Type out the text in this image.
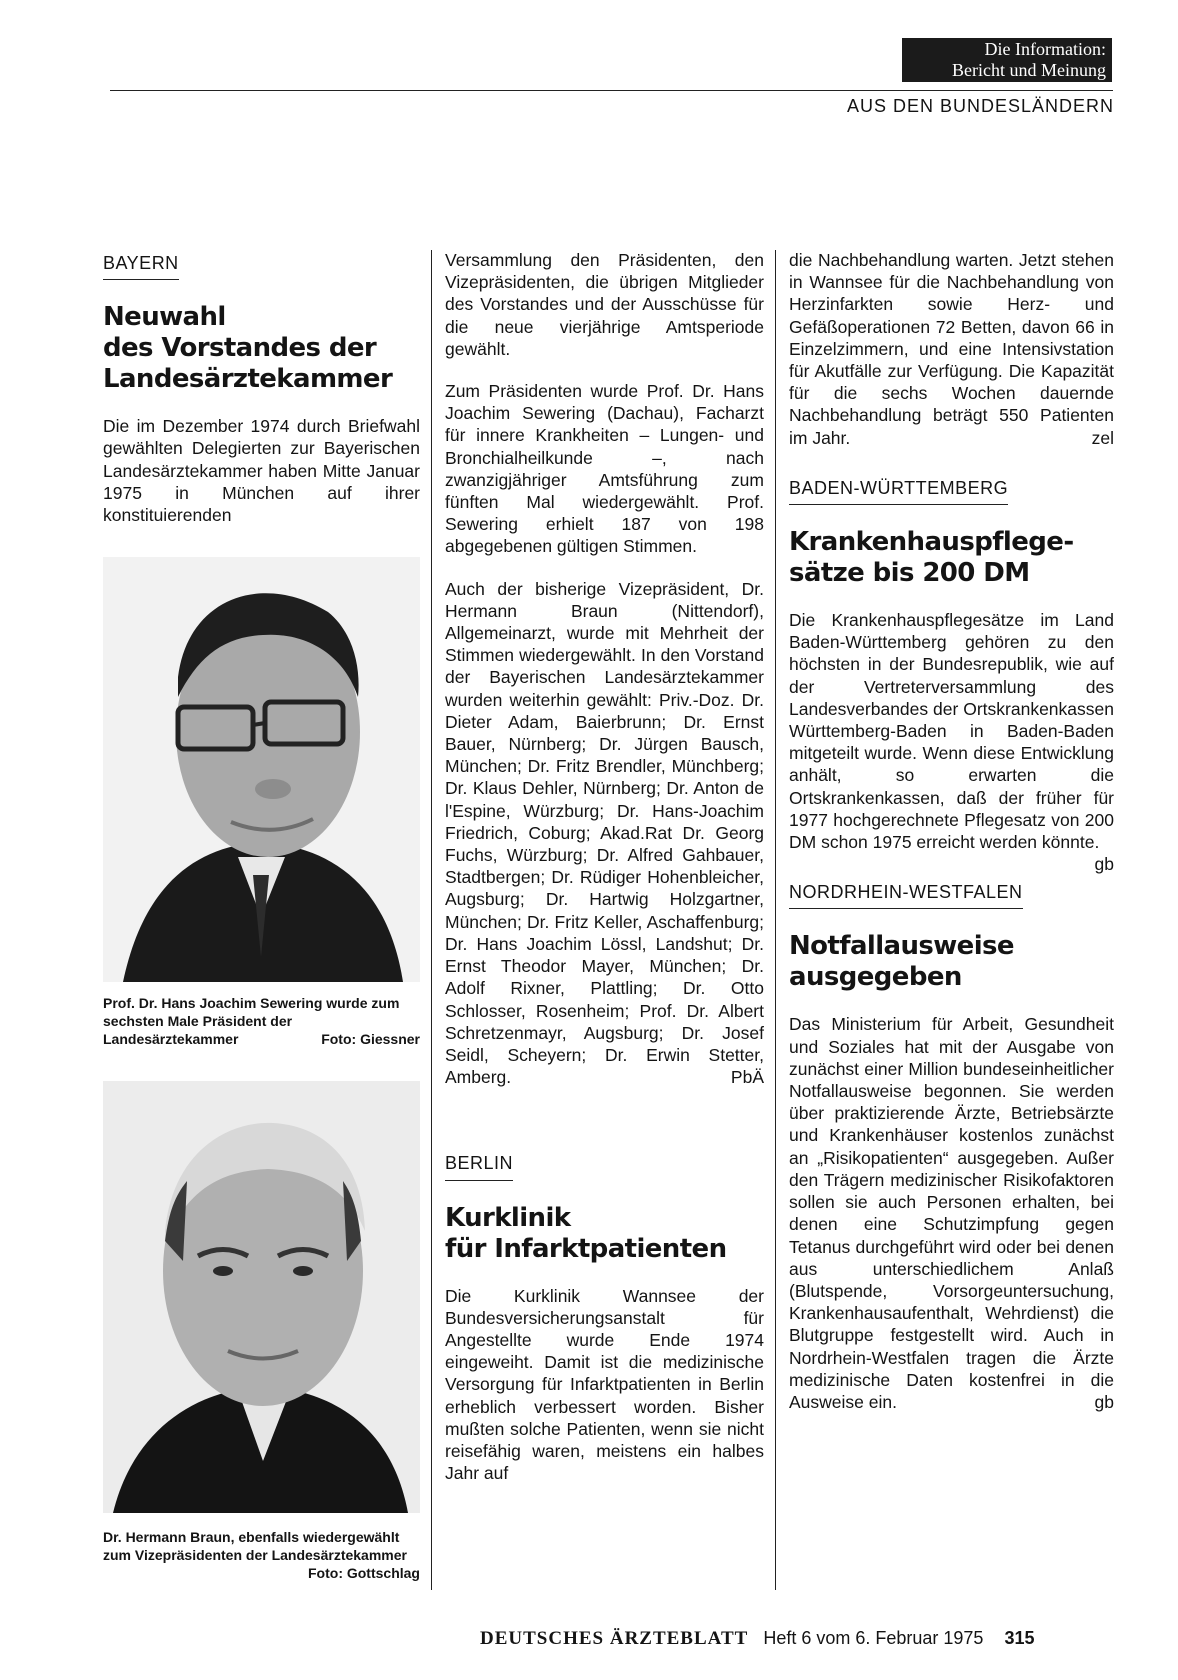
Die Information:
Bericht und Meinung
AUS DEN BUNDESLÄNDERN
BAYERN
Neuwahl
des Vorstandes der
Landesärztekammer

Die im Dezember 1974 durch Briefwahl gewählten Delegierten zur Bayerischen Landesärztekammer haben Mitte Januar 1975 in München auf ihrer konstituierenden

Prof. Dr. Hans Joachim Sewering wurde zum sechsten Male Präsident der Landesärztekammer	Foto: Giessner
Dr. Hermann Braun, ebenfalls wiedergewählt zum Vizepräsidenten der Landesärztekammer
Foto: Gottschlag

Versammlung den Präsidenten, den Vizepräsidenten, die übrigen Mitglieder des Vorstandes und der Ausschüsse für die neue vierjährige Amtsperiode gewählt.

Zum Präsidenten wurde Prof. Dr. Hans Joachim Sewering (Dachau), Facharzt für innere Krankheiten – Lungen- und Bronchialheilkunde –, nach zwanzigjähriger Amtsführung zum fünften Mal wiedergewählt. Prof. Sewering erhielt 187 von 198 abgegebenen gültigen Stimmen.

Auch der bisherige Vizepräsident, Dr. Hermann Braun (Nittendorf), Allgemeinarzt, wurde mit Mehrheit der Stimmen wiedergewählt. In den Vorstand der Bayerischen Landesärztekammer wurden weiterhin gewählt: Priv.-Doz. Dr. Dieter Adam, Baierbrunn; Dr. Ernst Bauer, Nürnberg; Dr. Jürgen Bausch, München; Dr. Fritz Brendler, Münchberg; Dr. Klaus Dehler, Nürnberg; Dr. Anton de l'Espine, Würzburg; Dr. Hans-Joachim Friedrich, Coburg; Akad.Rat Dr. Georg Fuchs, Würzburg; Dr. Alfred Gahbauer, Stadtbergen; Dr. Rüdiger Hohenbleicher, Augsburg; Dr. Hartwig Holzgartner, München; Dr. Fritz Keller, Aschaffenburg; Dr. Hans Joachim Lössl, Landshut; Dr. Ernst Theodor Mayer, München; Dr. Adolf Rixner, Plattling; Dr. Otto Schlosser, Rosenheim; Prof. Dr. Albert Schretzenmayr, Augsburg; Dr. Josef Seidl, Scheyern; Dr. Erwin Stetter, Amberg.	PbÄ

BERLIN
Kurklinik
für Infarktpatienten

Die Kurklinik Wannsee der Bundesversicherungsanstalt für Angestellte wurde Ende 1974 eingeweiht. Damit ist die medizinische Versorgung für Infarktpatienten in Berlin erheblich verbessert worden. Bisher mußten solche Patienten, wenn sie nicht reisefähig waren, meistens ein halbes Jahr auf

die Nachbehandlung warten. Jetzt stehen in Wannsee für die Nachbehandlung von Herzinfarkten sowie Herz- und Gefäßoperationen 72 Betten, davon 66 in Einzelzimmern, und eine Intensivstation für Akutfälle zur Verfügung. Die Kapazität für die sechs Wochen dauernde Nachbehandlung beträgt 550 Patienten im Jahr.	zel

BADEN-WÜRTTEMBERG
Krankenhauspflege-
sätze bis 200 DM

Die Krankenhauspflegesätze im Land Baden-Württemberg gehören zu den höchsten in der Bundesrepublik, wie auf der Vertreterversammlung des Landesverbandes der Ortskrankenkassen Württemberg-Baden in Baden-Baden mitgeteilt wurde. Wenn diese Entwicklung anhält, so erwarten die Ortskrankenkassen, daß der früher für 1977 hochgerechnete Pflegesatz von 200 DM schon 1975 erreicht werden könnte.
gb

NORDRHEIN-WESTFALEN
Notfallausweise
ausgegeben

Das Ministerium für Arbeit, Gesundheit und Soziales hat mit der Ausgabe von zunächst einer Million bundeseinheitlicher Notfallausweise begonnen. Sie werden über praktizierende Ärzte, Betriebsärzte und Krankenhäuser kostenlos zunächst an „Risikopatienten“ ausgegeben. Außer den Trägern medizinischer Risikofaktoren sollen sie auch Personen erhalten, bei denen eine Schutzimpfung gegen Tetanus durchgeführt wird oder bei denen aus unterschiedlichem Anlaß (Blutspende, Vorsorgeuntersuchung, Krankenhausaufenthalt, Wehrdienst) die Blutgruppe festgestellt wird. Auch in Nordrhein-Westfalen tragen die Ärzte medizinische Daten kostenfrei in die Ausweise ein.	gb

DEUTSCHES ÄRZTEBLATT Heft 6 vom 6. Februar 1975 315
